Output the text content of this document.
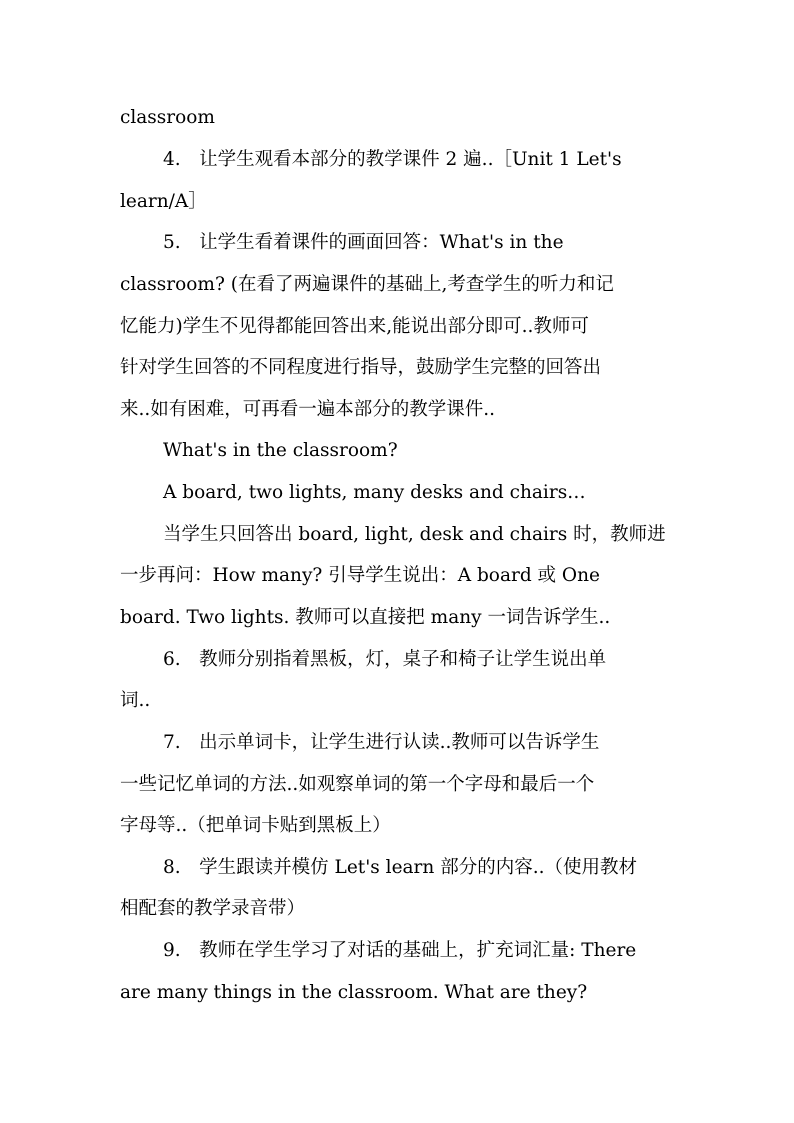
classroom
4.　让学生观看本部分的教学课件 2 遍..［Unit 1 Let's
learn/A］
5.　让学生看着课件的画面回答：What's in the
classroom? (在看了两遍课件的基础上,考查学生的听力和记
忆能力)学生不见得都能回答出来,能说出部分即可..教师可
针对学生回答的不同程度进行指导，鼓励学生完整的回答出
来..如有困难，可再看一遍本部分的教学课件..
What's in the classroom?
A board, two lights, many desks and chairs…
当学生只回答出 board, light, desk and chairs 时，教师进
一步再问：How many? 引导学生说出：A board 或 One
board. Two lights. 教师可以直接把 many 一词告诉学生..
6.　教师分别指着黑板，灯，桌子和椅子让学生说出单
词..
7.　出示单词卡，让学生进行认读..教师可以告诉学生
一些记忆单词的方法..如观察单词的第一个字母和最后一个
字母等..（把单词卡贴到黑板上）
8.　学生跟读并模仿 Let's learn 部分的内容..（使用教材
相配套的教学录音带）
9.　教师在学生学习了对话的基础上，扩充词汇量: There
are many things in the classroom. What are they?
